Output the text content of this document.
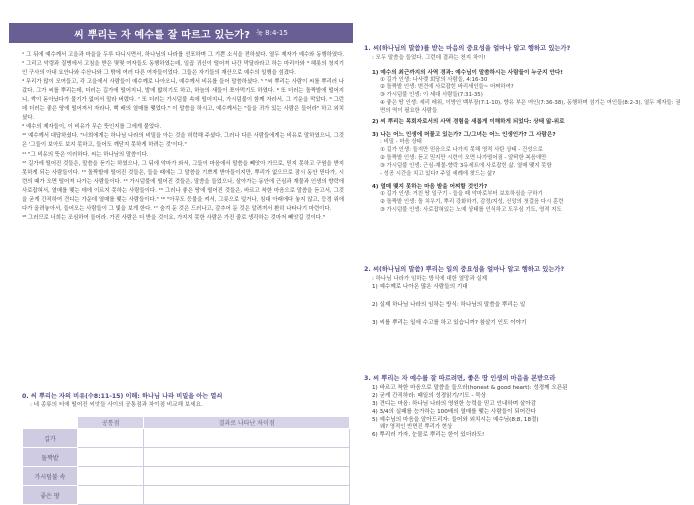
씨 뿌리는 자 예수를 잘 따르고 있는가? 눅 8:4-15

¹ 그 뒤에 예수께서 고을과 마을을 두루 다니시면서, 하나님의 나라를 선포하며 그 기쁜 소식을 전하셨다. 열두 제자가 예수와 동행하였다. ² 그리고 악령과 질병에서 고침을 받은 몇몇 여자들도 동행하였는데, 일곱 귀신이 떨어져 나간 막달라라고 하는 마리아와 ³ 헤롯의 청지기인 구사의 아내 요안나와 수산나와 그 밖에 여러 다른 여자들이었다. 그들은 자기들의 재산으로 예수의 일행을 섬겼다.

⁴ 무리가 많이 모여들고, 각 고을에서 사람들이 예수께로 나아오니, 예수께서 비유를 들어 말씀하셨다. ⁵ "씨 뿌리는 사람이 씨를 뿌리러 나갔다. 그가 씨를 뿌리는데, 더러는 길가에 떨어지니, 발에 밟히기도 하고, 하늘의 새들이 쪼아먹기도 하였다. ⁶ 또 더러는 돌짝밭에 떨어지니, 싹이 돋아났다가 물기가 없어서 말라 버렸다. ⁷ 또 더러는 가시덤불 속에 떨어지니, 가시덤불이 함께 자라서, 그 기운을 막았다. ⁸ 그런데 더러는 좋은 땅에 떨어져서 자라나, 백 배의 열매를 맺었다." 이 말씀을 하시고, 예수께서는 "들을 귀가 있는 사람은 들어라" 하고 외치셨다.

⁹ 예수의 제자들이, 이 비유가 무슨 뜻인지를 그에게 물었다.

¹⁰ 예수께서 대답하셨다. "너희에게는 하나님 나라의 비밀을 아는 것을 허락해 주셨다. 그러나 다른 사람들에게는 비유로 말하였으니, 그것은 '그들이 보아도 보지 못하고, 들어도 깨닫지 못하게 하려는 것'이다."

¹¹ "그 비유의 뜻은 이러하다. 씨는 하나님의 말씀이다.

¹² 길가에 떨어진 것들은, 말씀을 듣기는 하였으나, 그 뒤에 악마가 와서, 그들이 마음에서 말씀을 빼앗아 가므로, 믿지 못하고 구원을 받지 못하게 되는 사람들이다. ¹³ 돌짝밭에 떨어진 것들은, 들을 때에는 그 말씀을 기쁘게 받아들이지만, 뿌리가 없으므로 잠시 동안 믿다가, 시련의 때가 오면 떨어져 나가는 사람들이다. ¹⁴ 가시덤불에 떨어진 것들은, 말씀을 들었으나, 살아가는 동안에 근심과 재물과 인생의 향락에 사로잡혀서, 열매를 맺는 데에 이르지 못하는 사람들이다. ¹⁵ 그러나 좋은 땅에 떨어진 것들은, 바르고 착한 마음으로 말씀을 듣고서, 그것을 굳게 간직하여 견디는 가운데 열매를 맺는 사람들이다." ¹⁶ "아무도 등불을 켜서, 그릇으로 덮거나, 침대 아래에다 놓지 않고, 등경 위에다가 올려놓아서, 들어오는 사람들이 그 빛을 보게 한다. ¹⁷ 숨겨 둔 것은 드러나고, 감추어 둔 것은 알려져서 환히 나타나기 마련이다.

¹⁸ 그러므로 너희는 조심하여 들어라. 가진 사람은 더 받을 것이요, 가지지 못한 사람은 가진 줄로 생각하는 것마저 빼앗길 것이다."

0. 씨 뿌리는 자의 비유(수8:11-15) 이해: 하나님 나라 비밀을 아는 열쇠
: 네 종류의 터에 떨어진 씨앗들 사이의 공통점과 차이점 비교해 보세요.
	공통점	결과로 나타난 차이점
길가		
돌짝밭		
가시덤불 속		
좋은 땅		
1. 씨(하나님의 말씀)를 받는 마음의 중요성을 얼마나 알고 행하고 있는가?
: 모두 말씀을 들었다. 그런데 결과는 천지 차이!
1) 예수의 최근까지의 사역 경과: 예수님이 말씀하시는 사람들이 누군지 안다!
① 길가 인생: 나사렛 회당의 사람들, 4:16-30
② 돌짝밭 인생: 변견에 사로잡힌 바리새인들~ 어쩌하여?
③ 가시덤불 인생: 이 세대 사람들(7:31-35)
④ 좋은 땅 인생: 세리 레위, 이방인 백부장(7:1-10), 향유 부은 여인(7:36-38), 동행하며 섬기는 여인들(8:2-3), 열두 제자들: 권면의 역이 필요한 사람들
2) 씨 뿌리는 목회자로서의 사역 경험을 새롭게 이해하게 되었다: 상태 앎-위로
3) 나는 어느 인생에 머물고 있는가? 그/그녀는 어느 인생인가? 그 사람은?
: 비밀 - 마음 상태
① 길가 인생: 들지만 믿음으로 나가지 못해 영적 사탄 상태 - 건성으로
② 돌짝밭 인생: 듣고 믿지만 시련이 오면 나가떨어짐 - 얄팍한 복음애만
③ 가시덤불 인생: 근심-재물-향락 3유세트에 사로잡힌 삶. 열매 맺지 못함
- 성공 시간을 치고 있다? 주일 세례에 찾드는 삶?
4) 열매 맺지 못하는 마음 밭을 어찌할 것인가?
① 길가 인생: 거친 땅 일구기 - 들을 때 악마로부터 보호하심을 구하기
② 돌짝밭 인생: 돌 치우기, 뿌리 강화하기, 감정/지성, 신앙의 첫걸음 다시 훈련
③ 가시덤불 인생: 사로잡혀있는 노예 상태를 인식하고 도우심 기도, 영적 지도
2. 씨(하나님의 말씀) 뿌리는 일의 중요성을 얼마나 알고 행하고 있는가?
: 하나님 나라가 임하는 방식에 대한 열망과 실제
1) 예수께로 나아온 많은 사람들의 기대
2) 실제 하나님 나라의 임하는 방식: 하나님의 말씀을 뿌리는 일
3) 씨를 뿌리는 일에 수고를 하고 있습니까? 참살기 인도 이야기
3. 씨 뿌리는 자 예수를 잘 따르려면, 좋은 땅 인생의 마음을 본받으라
1) 바르고 착한 마음으로 말씀을 들으라(honest & good heart): 성경께 오픈된
2) 굳게 간직하라: 때일의 성경읽기/기도 - 묵상
3) 견디는 마음: 하나님 나라의 영원한 능력을 믿고 인내하며 살아감
4) 3/4의 실패를 능가하는 100배의 열매를 맺는 사람들이 되어간다
5) 예수님의 마음을 알아드리자: 들어와 외치시는 예수님(8:8, 18절)
왜? 영적인 반면진 뿌리가 현상
6) 뿌리러 가자, 눈물로 뿌리는 한이 있더라도!
